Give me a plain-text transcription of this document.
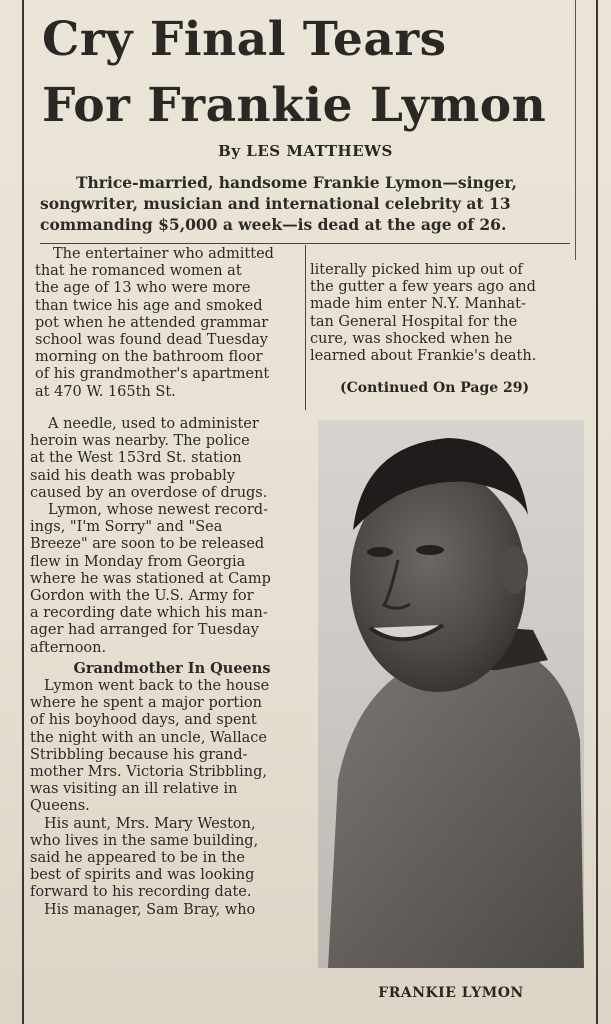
Cry Final Tears
For Frankie Lymon
By LES MATTHEWS
Thrice-married, handsome Frankie Lymon—singer,
songwriter, musician and international celebrity at 13
commanding $5,000 a week—is dead at the age of 26.
The entertainer who admitted
that he romanced women at
the age of 13 who were more
than twice his age and smoked
pot when he attended grammar
school was found dead Tuesday
morning on the bathroom floor
of his grandmother's apartment
at 470 W. 165th St.
literally picked him up out of
the gutter a few years ago and
made him enter N.Y. Manhat-
tan General Hospital for the
cure, was shocked when he
learned about Frankie's death.
(Continued On Page 29)
A needle, used to administer
heroin was nearby. The police
at the West 153rd St. station
said his death was probably
caused by an overdose of drugs.
Lymon, whose newest record-
ings, "I'm Sorry" and "Sea
Breeze" are soon to be released
flew in Monday from Georgia
where he was stationed at Camp
Gordon with the U.S. Army for
a recording date which his man-
ager had arranged for Tuesday
afternoon.
Grandmother In Queens
Lymon went back to the house
where he spent a major portion
of his boyhood days, and spent
the night with an uncle, Wallace
Stribbling because his grand-
mother Mrs. Victoria Stribbling,
was visiting an ill relative in
Queens.
His aunt, Mrs. Mary Weston,
who lives in the same building,
said he appeared to be in the
best of spirits and was looking
forward to his recording date.
His manager, Sam Bray, who
FRANKIE LYMON
